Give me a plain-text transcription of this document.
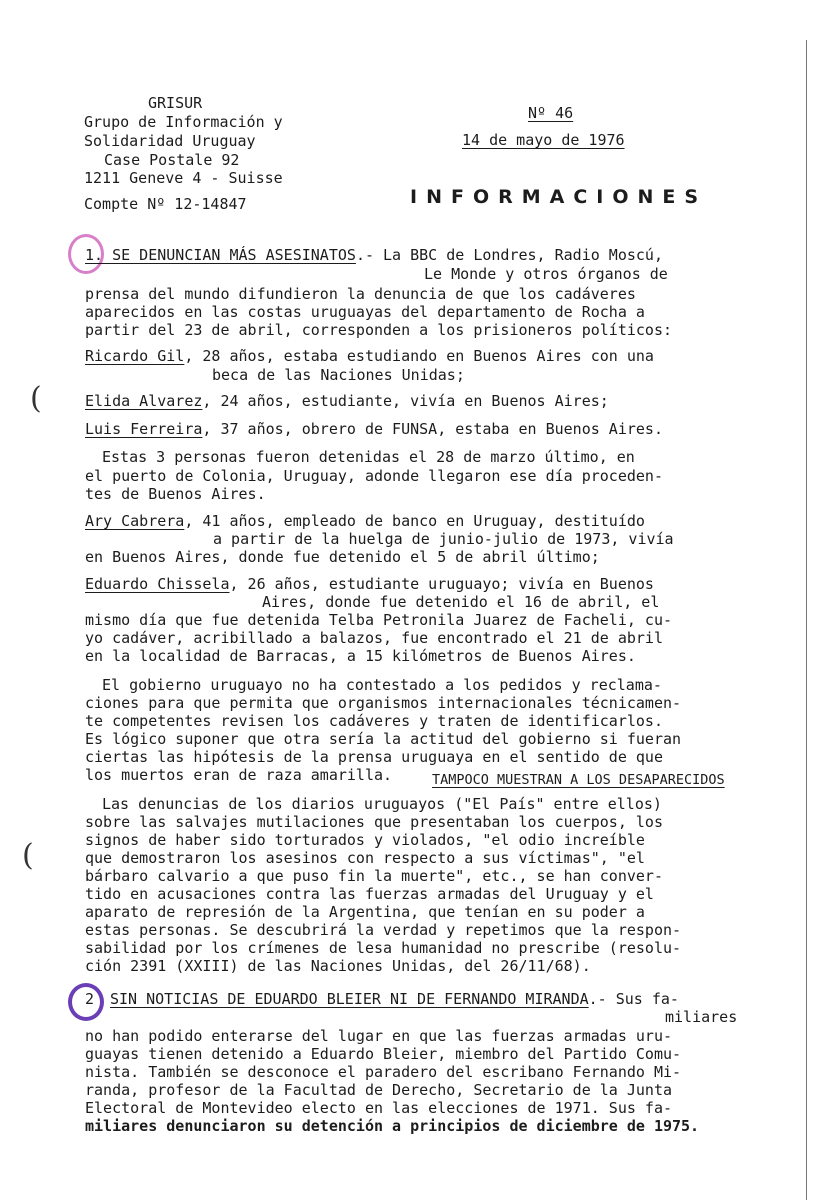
GRISUR
Grupo de Información y
Solidaridad Uruguay
Case Postale 92
1211 Geneve 4 - Suisse
Compte Nº 12-14847
Nº 46
14 de mayo de 1976
INFORMACIONES
1. SE DENUNCIAN MÁS ASESINATOS.- La BBC de Londres, Radio Moscú,
Le Monde y otros órganos de
prensa del mundo difundieron la denuncia de que los cadáveres
aparecidos en las costas uruguayas del departamento de Rocha a
partir del 23 de abril, corresponden a los prisioneros políticos:
Ricardo Gil, 28 años, estaba estudiando en Buenos Aires con una
beca de las Naciones Unidas;
(	Elida Alvarez, 24 años, estudiante, vivía en Buenos Aires;
Luis Ferreira, 37 años, obrero de FUNSA, estaba en Buenos Aires.
Estas 3 personas fueron detenidas el 28 de marzo último, en
el puerto de Colonia, Uruguay, adonde llegaron ese día proceden-
tes de Buenos Aires.
Ary Cabrera, 41 años, empleado de banco en Uruguay, destituído
a partir de la huelga de junio-julio de 1973, vivía
en Buenos Aires, donde fue detenido el 5 de abril último;
Eduardo Chissela, 26 años, estudiante uruguayo; vivía en Buenos
Aires, donde fue detenido el 16 de abril, el
mismo día que fue detenida Telba Petronila Juarez de Facheli, cu-
yo cadáver, acribillado a balazos, fue encontrado el 21 de abril
en la localidad de Barracas, a 15 kilómetros de Buenos Aires.
El gobierno uruguayo no ha contestado a los pedidos y reclama-
ciones para que permita que organismos internacionales técnicamen-
te competentes revisen los cadáveres y traten de identificarlos.
Es lógico suponer que otra sería la actitud del gobierno si fueran
ciertas las hipótesis de la prensa uruguaya en el sentido de que
los muertos eran de raza amarilla.	TAMPOCO MUESTRAN A LOS DESAPARECIDOS
(
Las denuncias de los diarios uruguayos ("El País" entre ellos)
sobre las salvajes mutilaciones que presentaban los cuerpos, los
signos de haber sido torturados y violados, "el odio increíble
que demostraron los asesinos con respecto a sus víctimas", "el
bárbaro calvario a que puso fin la muerte", etc., se han conver-
tido en acusaciones contra las fuerzas armadas del Uruguay y el
aparato de represión de la Argentina, que tenían en su poder a
estas personas. Se descubrirá la verdad y repetimos que la respon-
sabilidad por los crímenes de lesa humanidad no prescribe (resolu-
ción 2391 (XXIII) de las Naciones Unidas, del 26/11/68).
2 SIN NOTICIAS DE EDUARDO BLEIER NI DE FERNANDO MIRANDA.- Sus fa-
miliares
no han podido enterarse del lugar en que las fuerzas armadas uru-
guayas tienen detenido a Eduardo Bleier, miembro del Partido Comu-
nista. También se desconoce el paradero del escribano Fernando Mi-
randa, profesor de la Facultad de Derecho, Secretario de la Junta
Electoral de Montevideo electo en las elecciones de 1971. Sus fa-
miliares denunciaron su detención a principios de diciembre de 1975.
